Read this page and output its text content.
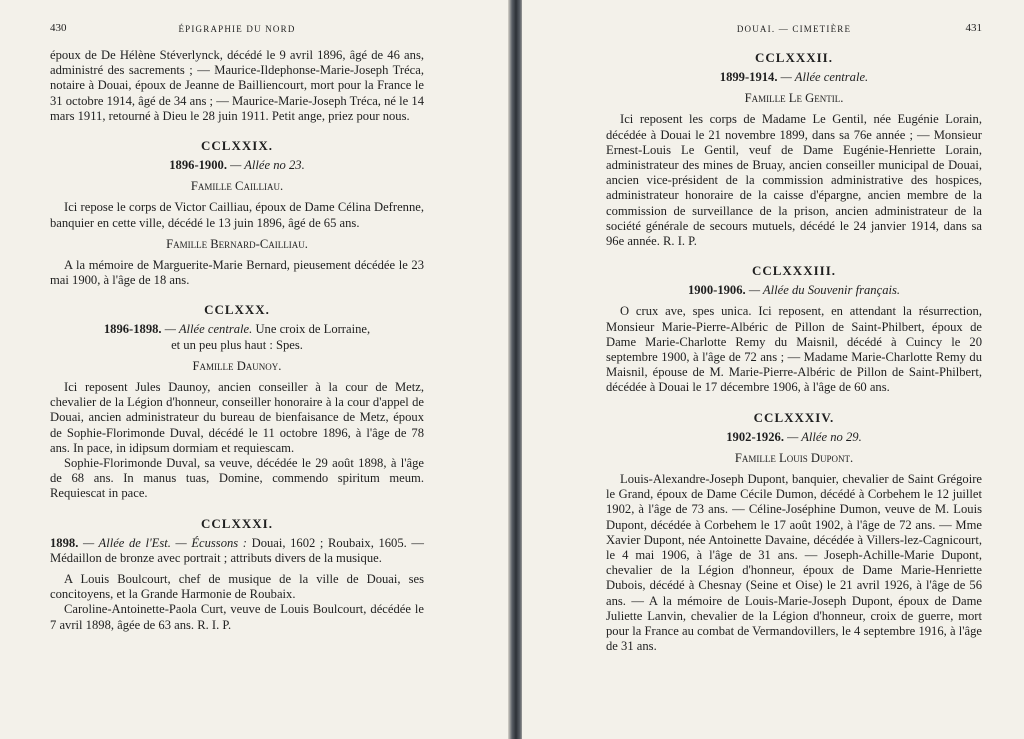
430	ÉPIGRAPHIE DU NORD

époux de De Hélène Stéverlynck, décédé le 9 avril 1896, âgé de 46 ans, administré des sacrements ; — Maurice-Ildephonse-Marie-Joseph Tréca, notaire à Douai, époux de Jeanne de Bailliencourt, mort pour la France le 31 octobre 1914, âgé de 34 ans ; — Maurice-Marie-Joseph Tréca, né le 14 mars 1911, retourné à Dieu le 28 juin 1911. Petit ange, priez pour nous.

CCLXXIX.
1896-1900. — Allée no 23.
Famille Cailliau.

Ici repose le corps de Victor Cailliau, époux de Dame Célina Defrenne, banquier en cette ville, décédé le 13 juin 1896, âgé de 65 ans.

Famille Bernard-Cailliau.

A la mémoire de Marguerite-Marie Bernard, pieusement décédée le 23 mai 1900, à l'âge de 18 ans.

CCLXXX.
1896-1898. — Allée centrale. Une croix de Lorraine,
et un peu plus haut : Spes.
Famille Daunoy.

Ici reposent Jules Daunoy, ancien conseiller à la cour de Metz, chevalier de la Légion d'honneur, conseiller honoraire à la cour d'appel de Douai, ancien administrateur du bureau de bienfaisance de Metz, époux de Sophie-Florimonde Duval, décédé le 11 octobre 1896, à l'âge de 78 ans. In pace, in idipsum dormiam et requiescam.

Sophie-Florimonde Duval, sa veuve, décédée le 29 août 1898, à l'âge de 68 ans. In manus tuas, Domine, commendo spiritum meum. Requiescat in pace.

CCLXXXI.
1898. — Allée de l'Est. — Écussons : Douai, 1602 ; Roubaix, 1605. — Médaillon de bronze avec portrait ; attributs divers de la musique.

A Louis Boulcourt, chef de musique de la ville de Douai, ses concitoyens, et la Grande Harmonie de Roubaix.

Caroline-Antoinette-Paola Curt, veuve de Louis Boulcourt, décédée le 7 avril 1898, âgée de 63 ans. R. I. P.

DOUAI. — CIMETIÈRE	431
CCLXXXII.
1899-1914. — Allée centrale.
Famille Le Gentil.

Ici reposent les corps de Madame Le Gentil, née Eugénie Lorain, décédée à Douai le 21 novembre 1899, dans sa 76e année ; — Monsieur Ernest-Louis Le Gentil, veuf de Dame Eugénie-Henriette Lorain, administrateur des mines de Bruay, ancien conseiller municipal de Douai, ancien vice-président de la commission administrative des hospices, administrateur honoraire de la caisse d'épargne, ancien membre de la commission de surveillance de la prison, ancien administrateur de la société générale de secours mutuels, décédé le 24 janvier 1914, dans sa 96e année. R. I. P.

CCLXXXIII.
1900-1906. — Allée du Souvenir français.

O crux ave, spes unica. Ici reposent, en attendant la résurrection, Monsieur Marie-Pierre-Albéric de Pillon de Saint-Philbert, époux de Dame Marie-Charlotte Remy du Maisnil, décédé à Cuincy le 20 septembre 1900, à l'âge de 72 ans ; — Madame Marie-Charlotte Remy du Maisnil, épouse de M. Marie-Pierre-Albéric de Pillon de Saint-Philbert, décédée à Douai le 17 décembre 1906, à l'âge de 60 ans.

CCLXXXIV.
1902-1926. — Allée no 29.
Famille Louis Dupont.

Louis-Alexandre-Joseph Dupont, banquier, chevalier de Saint Grégoire le Grand, époux de Dame Cécile Dumon, décédé à Corbehem le 12 juillet 1902, à l'âge de 73 ans. — Céline-Joséphine Dumon, veuve de M. Louis Dupont, décédée à Corbehem le 17 août 1902, à l'âge de 72 ans. — Mme Xavier Dupont, née Antoinette Davaine, décédée à Villers-lez-Cagnicourt, le 4 mai 1906, à l'âge de 31 ans. — Joseph-Achille-Marie Dupont, chevalier de la Légion d'honneur, époux de Dame Marie-Henriette Dubois, décédé à Chesnay (Seine et Oise) le 21 avril 1926, à l'âge de 56 ans. — A la mémoire de Louis-Marie-Joseph Dupont, époux de Dame Juliette Lanvin, chevalier de la Légion d'honneur, croix de guerre, mort pour la France au combat de Vermandovillers, le 4 septembre 1916, à l'âge de 31 ans.
